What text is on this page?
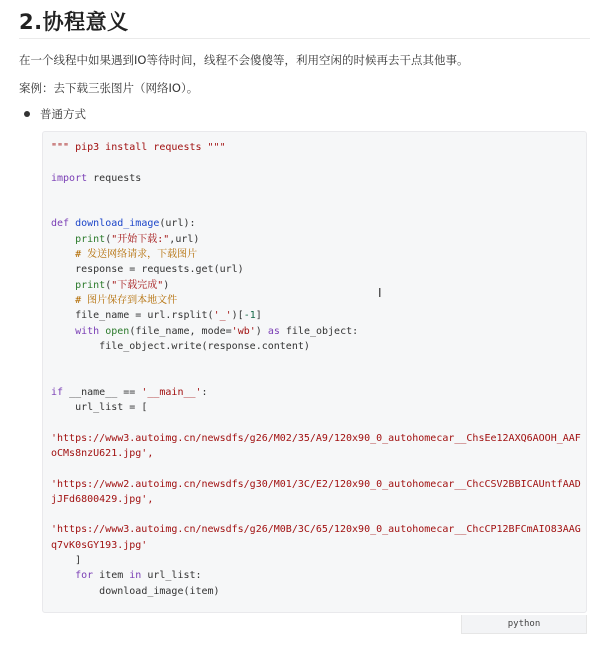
2.协程意义
在一个线程中如果遇到IO等待时间，线程不会傻傻等，利用空闲的时候再去干点其他事。
案例：去下载三张图片（网络IO）。
普通方式
""" pip3 install requests """

import requests

def download_image(url):
print("开始下载:",url)
# 发送网络请求，下载图片
response = requests.get(url)
print("下载完成")
# 图片保存到本地文件
file_name = url.rsplit('_')[-1]
with open(file_name, mode='wb') as file_object:
file_object.write(response.content)

if __name__ == '__main__':
url_list = [

'https://www3.autoimg.cn/newsdfs/g26/M02/35/A9/120x90_0_autohomecar__ChsEe12AXQ6AOOH_AAF
oCMs8nzU621.jpg',

'https://www2.autoimg.cn/newsdfs/g30/M01/3C/E2/120x90_0_autohomecar__ChcCSV2BBICAUntfAAD
jJFd6800429.jpg',

'https://www3.autoimg.cn/newsdfs/g26/M0B/3C/65/120x90_0_autohomecar__ChcCP12BFCmAIO83AAG
q7vK0sGY193.jpg'
]
for item in url_list:
download_image(item)
python
I
